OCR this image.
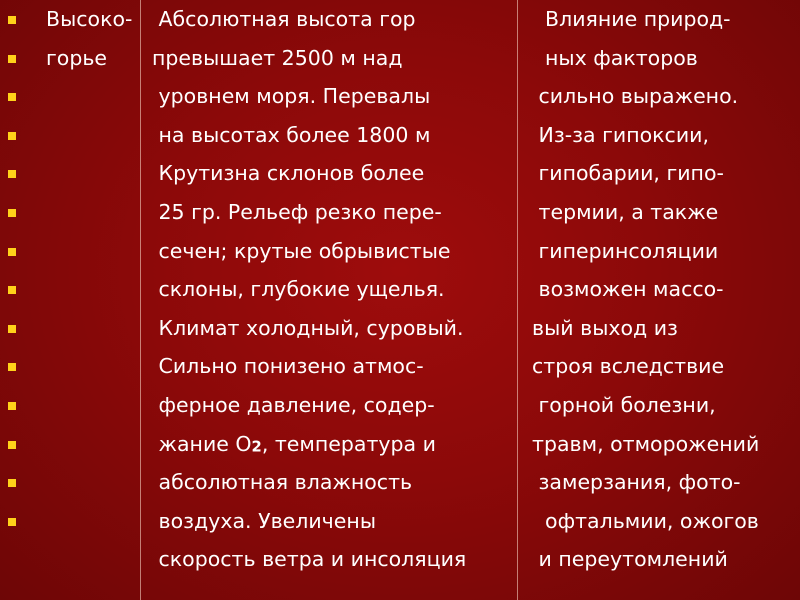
Высоко-
горье
Абсолютная высота гор
превышает 2500 м над
уровнем моря. Перевалы
на высотах более 1800 м
Крутизна склонов более
25 гр. Рельеф резко пере-
сечен; крутые обрывистые
склоны, глубокие ущелья.
Климат холодный, суровый.
Сильно понизено атмос-
ферное давление, содер-
жание $О_2$, температура и
абсолютная влажность
воздуха. Увеличены
скорость ветра и инсоляция
Влияние природ-
ных факторов
сильно выражено.
Из-за гипоксии,
гипобарии, гипо-
термии, а также
гиперинсоляции
возможен массо-
вый выход из
строя вследствие
горной болезни,
травм, отморожений
замерзания, фото-
офтальмии, ожогов
и переутомлений
